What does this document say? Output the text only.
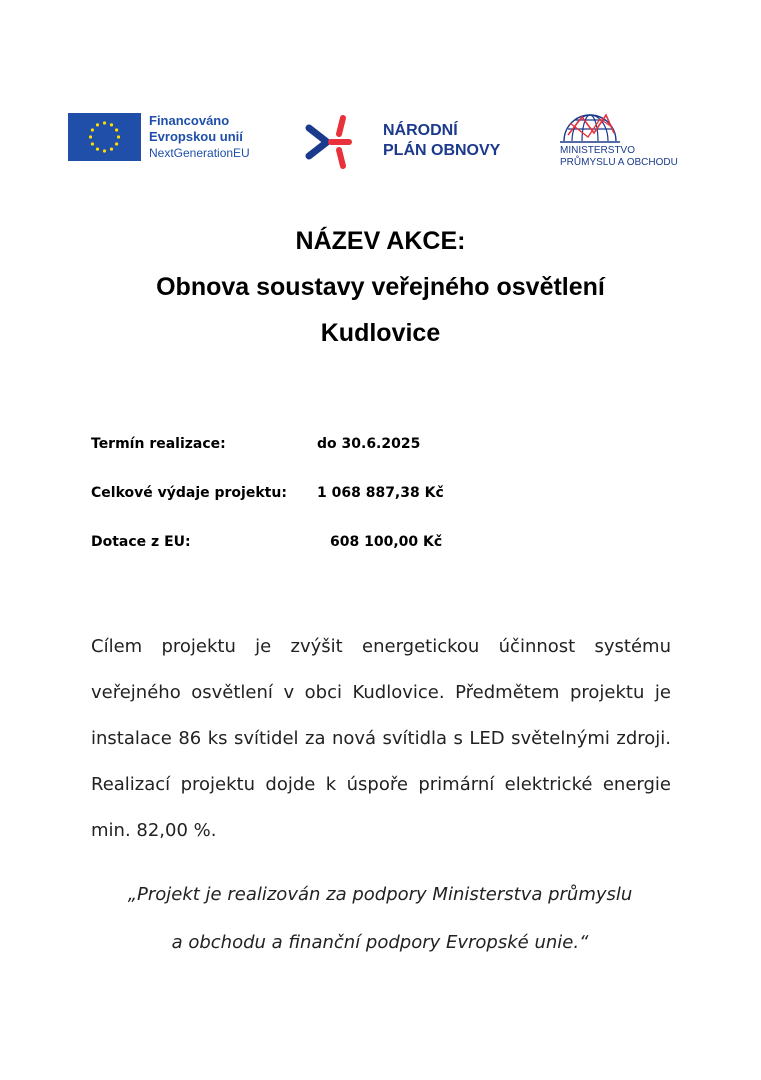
Financováno
Evropskou unií
NextGenerationEU
NÁRODNÍ
PLÁN OBNOVY	MINISTERSTVO
PRŮMYSLU A OBCHODU
NÁZEV AKCE:
Obnova soustavy veřejného osvětlení
Kudlovice
Termín realizace:	do 30.6.2025
Celkové výdaje projektu: 1 068 887,38 Kč
Dotace z EU:	608 100,00 Kč
Cílem projektu je zvýšit energetickou účinnost systému veřejného osvětlení v obci Kudlovice. Předmětem projektu je instalace 86 ks svítidel za nová svítidla s LED světelnými zdroji. Realizací projektu dojde k úspoře primární elektrické energie min. 82,00 %.
„Projekt je realizován za podpory Ministerstva průmyslu
a obchodu a finanční podpory Evropské unie.“
